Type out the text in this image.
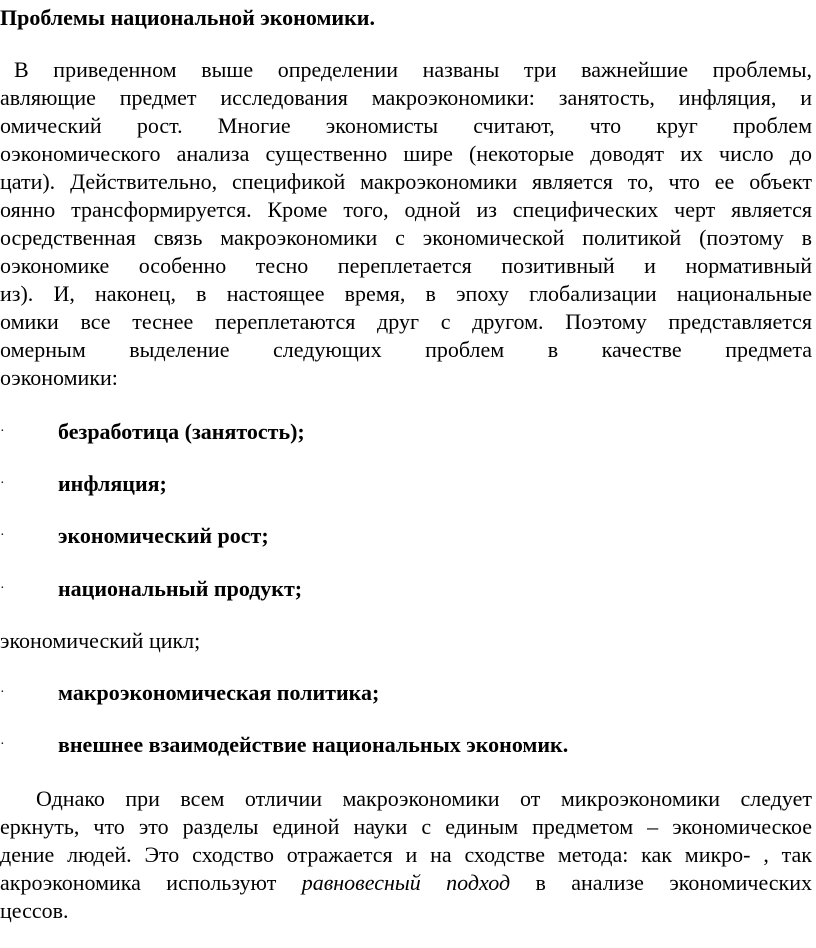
Проблемы национальной экономики.
В приведенном выше определении названы три важнейшие проблемы,
авляющие предмет исследования макроэкономики: занятость, инфляция, и
омический рост. Многие экономисты считают, что круг проблем
оэкономического анализа существенно шире (некоторые доводят их число до
цати). Действительно, спецификой макроэкономики является то, что ее объект
оянно трансформируется. Кроме того, одной из специфических черт является
осредственная связь макроэкономики с экономической политикой (поэтому в
оэкономике особенно тесно переплетается позитивный и нормативный
из). И, наконец, в настоящее время, в эпоху глобализации национальные
омики все теснее переплетаются друг с другом. Поэтому представляется
омерным выделение следующих проблем в качестве предмета
оэкономики:
· безработица (занятость);
· инфляция;
· экономический рост;
· национальный продукт;
экономический цикл;
· макроэкономическая политика;
· внешнее взаимодействие национальных экономик.
Однако при всем отличии макроэкономики от микроэкономики следует
еркнуть, что это разделы единой науки с единым предметом – экономическое
дение людей. Это сходство отражается и на сходстве метода: как микро- , так
акроэкономика используют равновесный подход в анализе экономических
цессов.
